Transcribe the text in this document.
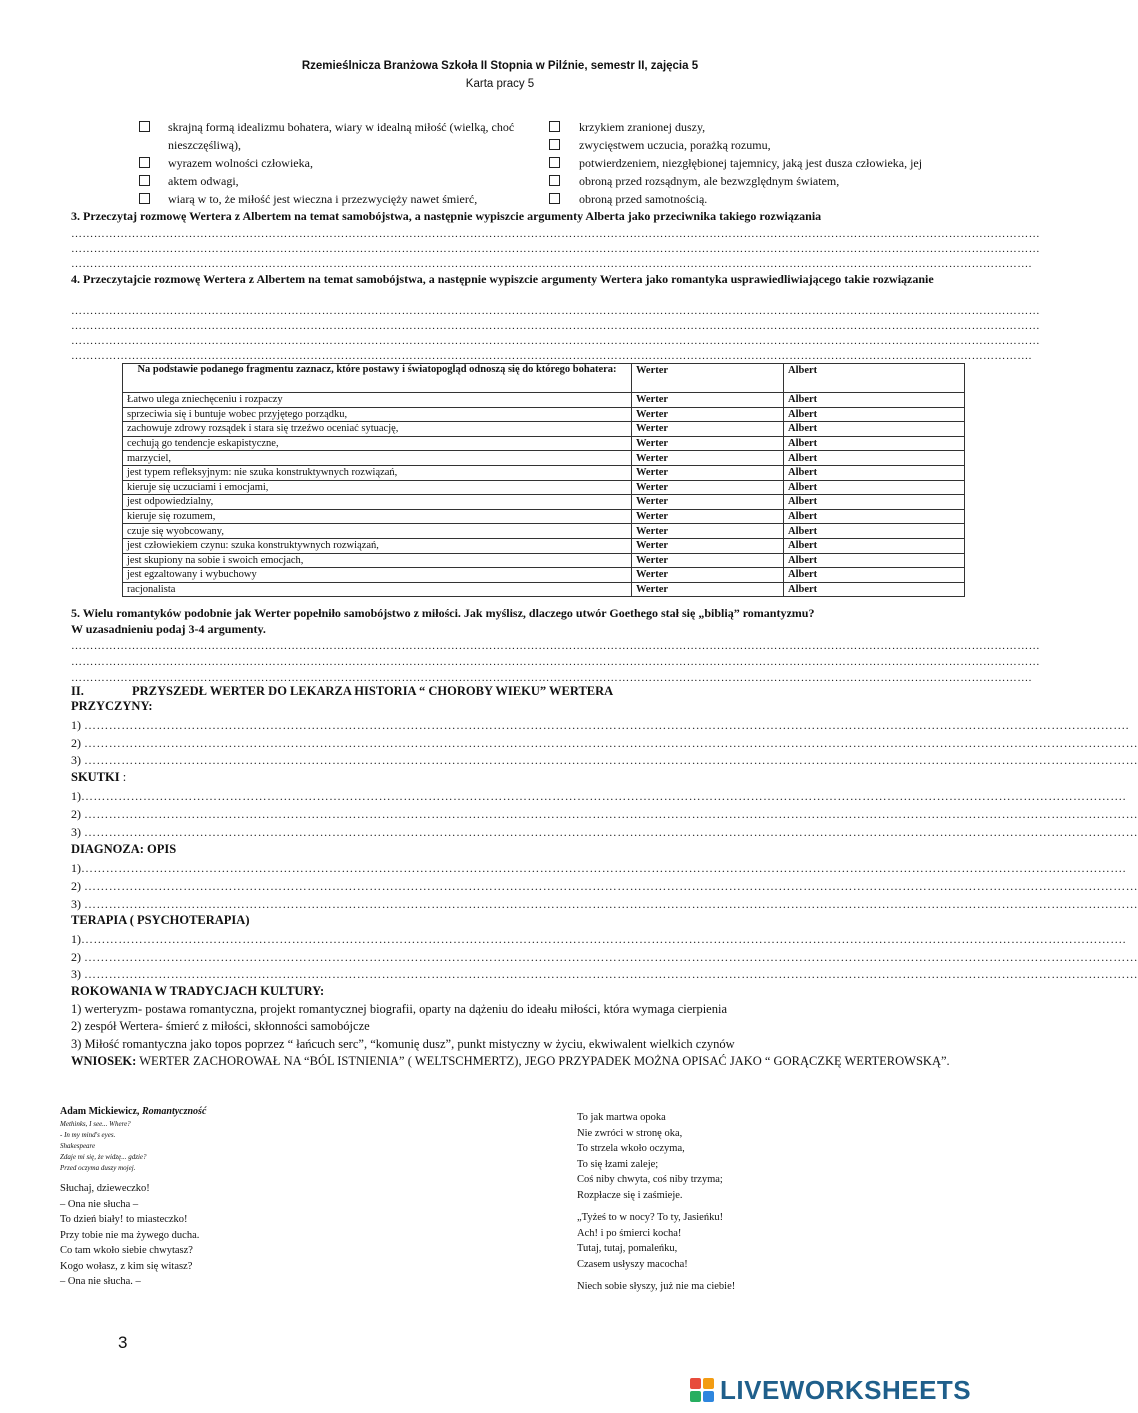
Rzemieślnicza Branżowa Szkoła II Stopnia w Pilźnie, semestr II, zajęcia 5
Karta pracy 5
skrajną formą idealizmu bohatera, wiary w idealną miłość (wielką, choć
nieszczęśliwą),
wyrazem wolności człowieka,
aktem odwagi,
wiarą w to, że miłość jest wieczna i przezwycięży nawet śmierć,
krzykiem zranionej duszy,
zwycięstwem uczucia, porażką rozumu,
potwierdzeniem, niezgłębionej tajemnicy, jaką jest dusza człowieka, jej
obroną przed rozsądnym, ale bezwzględnym światem,
obroną przed samotnością.
3. Przeczytaj rozmowę Wertera z Albertem na temat samobójstwa, a następnie wypiszcie argumenty Alberta jako przeciwnika takiego rozwiązania
…………………………………………………………………………………………………………………………………………………………………………………………………………………………………
…………………………………………………………………………………………………………………………………………………………………………………………………………………………………
……………………………………………………………………………………………………………………………………………………………………………………………………………………………….
4. Przeczytajcie rozmowę Wertera z Albertem na temat samobójstwa, a następnie wypiszcie argumenty Wertera jako romantyka usprawiedliwiającego takie rozwiązanie
…………………………………………………………………………………………………………………………………………………………………………………………………………………………………
…………………………………………………………………………………………………………………………………………………………………………………………………………………………………
…………………………………………………………………………………………………………………………………………………………………………………………………………………………………
……………………………………………………………………………………………………………………………………………………………………………………………………………………………….
Na podstawie podanego fragmentu zaznacz, które postawy i światopogląd odnoszą się do którego bohatera:	Werter	Albert
Łatwo ulega zniechęceniu i rozpaczy	Werter	Albert
sprzeciwia się i buntuje wobec przyjętego porządku,	Werter	Albert
zachowuje zdrowy rozsądek i stara się trzeźwo oceniać sytuację,	Werter	Albert
cechują go tendencje eskapistyczne,	Werter	Albert
marzyciel,	Werter	Albert
jest typem refleksyjnym: nie szuka konstruktywnych rozwiązań,	Werter	Albert
kieruje się uczuciami i emocjami,	Werter	Albert
jest odpowiedzialny,	Werter	Albert
kieruje się rozumem,	Werter	Albert
czuje się wyobcowany,	Werter	Albert
jest człowiekiem czynu: szuka konstruktywnych rozwiązań,	Werter	Albert
jest skupiony na sobie i swoich emocjach,	Werter	Albert
jest egzaltowany i wybuchowy	Werter	Albert
racjonalista	Werter	Albert
5. Wielu romantyków podobnie jak Werter popełniło samobójstwo z miłości. Jak myślisz, dlaczego utwór Goethego stał się „biblią” romantyzmu?
W uzasadnieniu podaj 3-4 argumenty.
…………………………………………………………………………………………………………………………………………………………………………………………………………………………………
…………………………………………………………………………………………………………………………………………………………………………………………………………………………………
……………………………………………………………………………………………………………………………………………………………………………………………………………………………….
II.	PRZYSZEDŁ WERTER DO LEKARZA HISTORIA “ CHOROBY WIEKU” WERTERA
PRZYCZYNY:
1) ……………………………………………………………………………………………………………………………………………………………………………………………………………………………….
2) …………………………………………………………………………………………………………………………………………………………………………………………………………………………………
3) …………………………………………………………………………………………………………………………………………………………………………………………………………………………………
SKUTKI :
1)……………………………………………………………………………………………………………………………………………………………………………………………………………………………….
2) …………………………………………………………………………………………………………………………………………………………………………………………………………………………………
3) …………………………………………………………………………………………………………………………………………………………………………………………………………………………………
DIAGNOZA: OPIS
1)……………………………………………………………………………………………………………………………………………………………………………………………………………………………….
2) …………………………………………………………………………………………………………………………………………………………………………………………………………………………………
3) …………………………………………………………………………………………………………………………………………………………………………………………………………………………………
TERAPIA ( PSYCHOTERAPIA)
1)……………………………………………………………………………………………………………………………………………………………………………………………………………………………….
2) …………………………………………………………………………………………………………………………………………………………………………………………………………………………………
3) …………………………………………………………………………………………………………………………………………………………………………………………………………………………………
ROKOWANIA W TRADYCJACH KULTURY:
1) werteryzm- postawa romantyczna, projekt romantycznej biografii, oparty na dążeniu do ideału miłości, która wymaga cierpienia
2) zespół Wertera- śmierć z miłości, skłonności samobójcze
3) Miłość romantyczna jako topos poprzez “ łańcuch serc”, “komunię dusz”, punkt mistyczny w życiu, ekwiwalent wielkich czynów
WNIOSEK: WERTER ZACHOROWAŁ NA “BÓL ISTNIENIA” ( WELTSCHMERTZ), JEGO PRZYPADEK MOŻNA OPISAĆ JAKO “ GORĄCZKĘ WERTEROWSKĄ”.
Adam Mickiewicz, Romantyczność
Methinks, I see... Where?
- In my mind's eyes.
Shakespeare
Zdaje mi się, że widzę... gdzie?
Przed oczyma duszy mojej.
Słuchaj, dzieweczko!
– Ona nie słucha –
To dzień biały! to miasteczko!
Przy tobie nie ma żywego ducha.
Co tam wkoło siebie chwytasz?
Kogo wołasz, z kim się witasz?
– Ona nie słucha. –
To jak martwa opoka
Nie zwróci w stronę oka,
To strzela wkoło oczyma,
To się łzami zaleje;
Coś niby chwyta, coś niby trzyma;
Rozpłacze się i zaśmieje.
„Tyżeś to w nocy? To ty, Jasieńku!
Ach! i po śmierci kocha!
Tutaj, tutaj, pomaleńku,
Czasem usłyszy macocha!
Niech sobie słyszy, już nie ma ciebie!
3
LIVEWORKSHEETS
